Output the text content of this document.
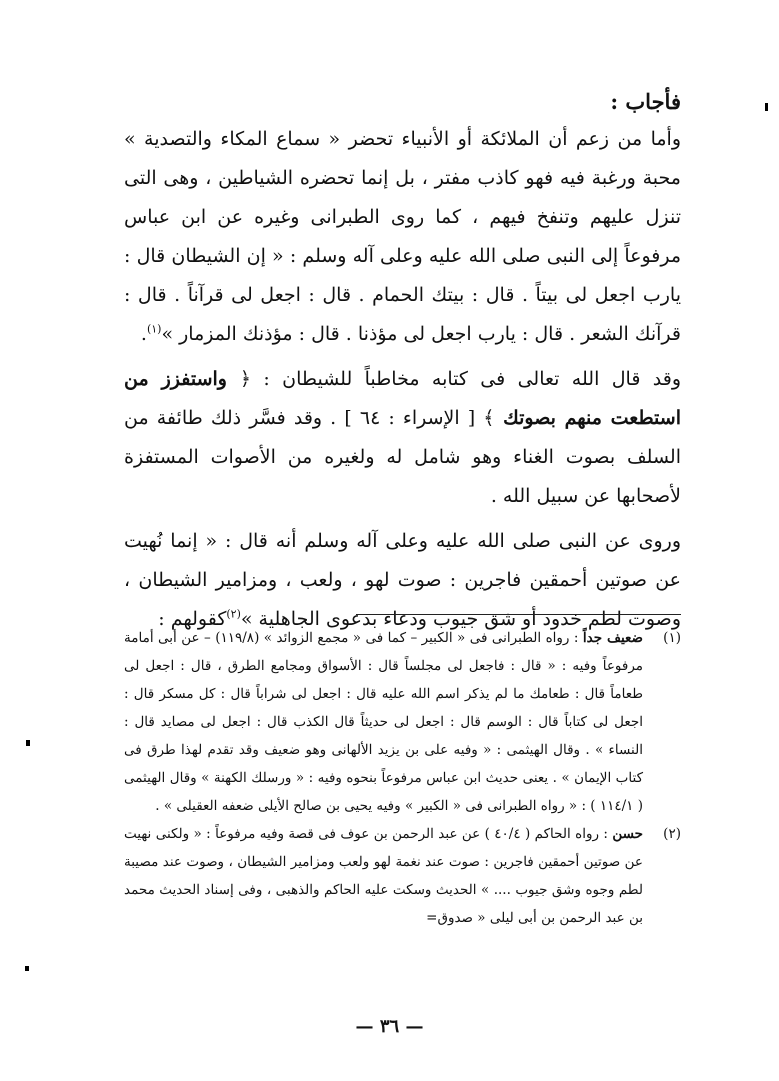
فأجاب :

وأما من زعم أن الملائكة أو الأنبياء تحضر « سماع المكاء والتصدية » محبة ورغبة فيه فهو كاذب مفتر ، بل إنما تحضره الشياطين ، وهى التى تنزل عليهم وتنفخ فيهم ، كما روى الطبرانى وغيره عن ابن عباس مرفوعاً إلى النبى صلى الله عليه وعلى آله وسلم : « إن الشيطان قال : يارب اجعل لى بيتاً . قال : بيتك الحمام . قال : اجعل لى قرآناً . قال : قرآنك الشعر . قال : يارب اجعل لى مؤذنا . قال : مؤذنك المزمار »$^{(١)}$.

وقد قال الله تعالى فى كتابه مخاطباً للشيطان : ﴿ واستفزز من استطعت منهم بصوتك ﴾ [ الإسراء : ٦٤ ] . وقد فسَّر ذلك طائفة من السلف بصوت الغناء وهو شامل له ولغيره من الأصوات المستفزة لأصحابها عن سبيل الله .

وروى عن النبى صلى الله عليه وعلى آله وسلم أنه قال : « إنما نُهيت عن صوتين أحمقين فاجرين : صوت لهو ، ولعب ، ومزامير الشيطان ، وصوت لطم خدود أو شق جيوب ودعاء بدعوى الجاهلية »$^{(٢)}$كقولهم :

(١)
ضعيف جداً : رواه الطبرانى فى « الكبير – كما فى « مجمع الزوائد » (١١٩/٨) – عن أبى أمامة مرفوعاً وفيه : « قال : فاجعل لى مجلساً قال : الأسواق ومجامع الطرق ، قال : اجعل لى طعاماً قال : طعامك ما لم يذكر اسم الله عليه قال : اجعل لى شراباً قال : كل مسكر قال : اجعل لى كتاباً قال : الوسم قال : اجعل لى حديثاً قال الكذب قال : اجعل لى مصايد قال : النساء » . وقال الهيثمى : « وفيه على بن يزيد الألهانى وهو ضعيف وقد تقدم لهذا طرق فى كتاب الإيمان » . يعنى حديث ابن عباس مرفوعاً بنحوه وفيه : « ورسلك الكهنة » وقال الهيثمى ( ١١٤/١ ) : « رواه الطبرانى فى « الكبير » وفيه يحيى بن صالح الأيلى ضعفه العقيلى » .
(٢)
حسن : رواه الحاكم ( ٤٠/٤ ) عن عبد الرحمن بن عوف فى قصة وفيه مرفوعاً : « ولكنى نهيت عن صوتين أحمقين فاجرين : صوت عند نغمة لهو ولعب ومزامير الشيطان ، وصوت عند مصيبة لطم وجوه وشق جيوب .... » الحديث وسكت عليه الحاكم والذهبى ، وفى إسناد الحديث محمد بن عبد الرحمن بن أبى ليلى « صدوق=
— ٣٦ —
